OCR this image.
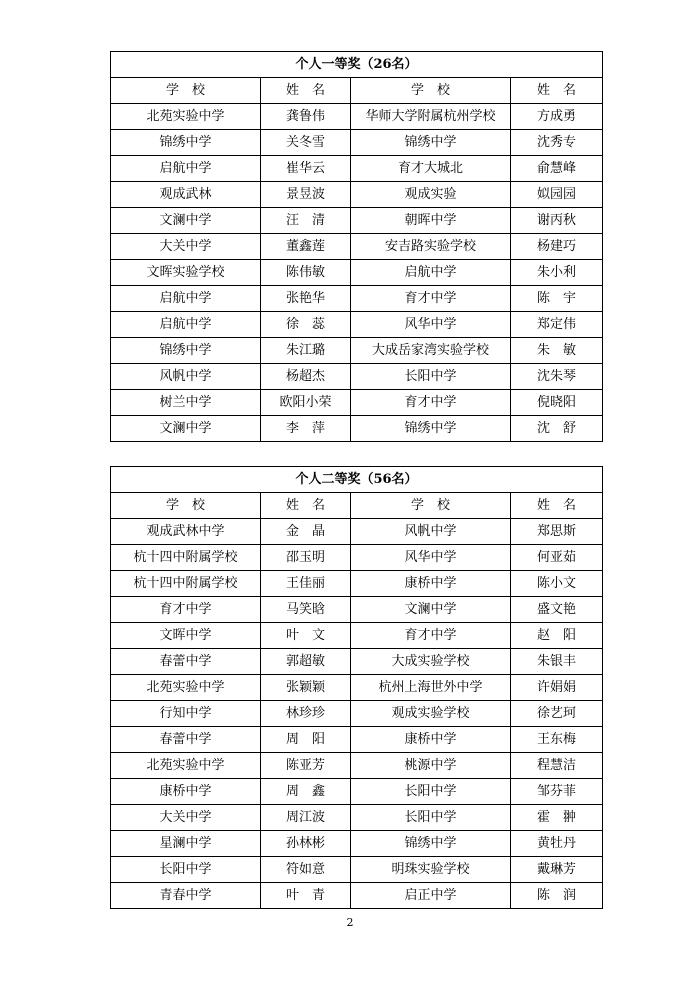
个人一等奖（26名）			
学　校	姓　名	学　校	姓　名
北苑实验中学	龚鲁伟	华师大学附属杭州学校	方成勇
锦绣中学	关冬雪	锦绣中学	沈秀专
启航中学	崔华云	育才大城北	俞慧峰
观成武林	景昱波	观成实验	姒园园
文澜中学	汪　清	朝晖中学	谢丙秋
大关中学	董鑫莲	安吉路实验学校	杨建巧
文晖实验学校	陈伟敏	启航中学	朱小利
启航中学	张艳华	育才中学	陈　宇
启航中学	徐　蕊	风华中学	郑定伟
锦绣中学	朱江璐	大成岳家湾实验学校	朱　敏
风帆中学	杨超杰	长阳中学	沈朱琴
树兰中学	欧阳小荣	育才中学	倪晓阳
文澜中学	李　萍	锦绣中学	沈　舒
个人二等奖（56名）			
学　校	姓　名	学　校	姓　名
观成武林中学	金　晶	风帆中学	郑思斯
杭十四中附属学校	邵玉明	风华中学	何亚茹
杭十四中附属学校	王佳丽	康桥中学	陈小文
育才中学	马笑晗	文澜中学	盛文艳
文晖中学	叶　文	育才中学	赵　阳
春蕾中学	郭超敏	大成实验学校	朱银丰
北苑实验中学	张颖颖	杭州上海世外中学	许娟娟
行知中学	林珍珍	观成实验学校	徐艺珂
春蕾中学	周　阳	康桥中学	王东梅
北苑实验中学	陈亚芳	桃源中学	程慧洁
康桥中学	周　鑫	长阳中学	邹芬菲
大关中学	周江波	长阳中学	霍　翀
星澜中学	孙林彬	锦绣中学	黄牡丹
长阳中学	符如意	明珠实验学校	戴琳芳
青春中学	叶　青	启正中学	陈　润
2
